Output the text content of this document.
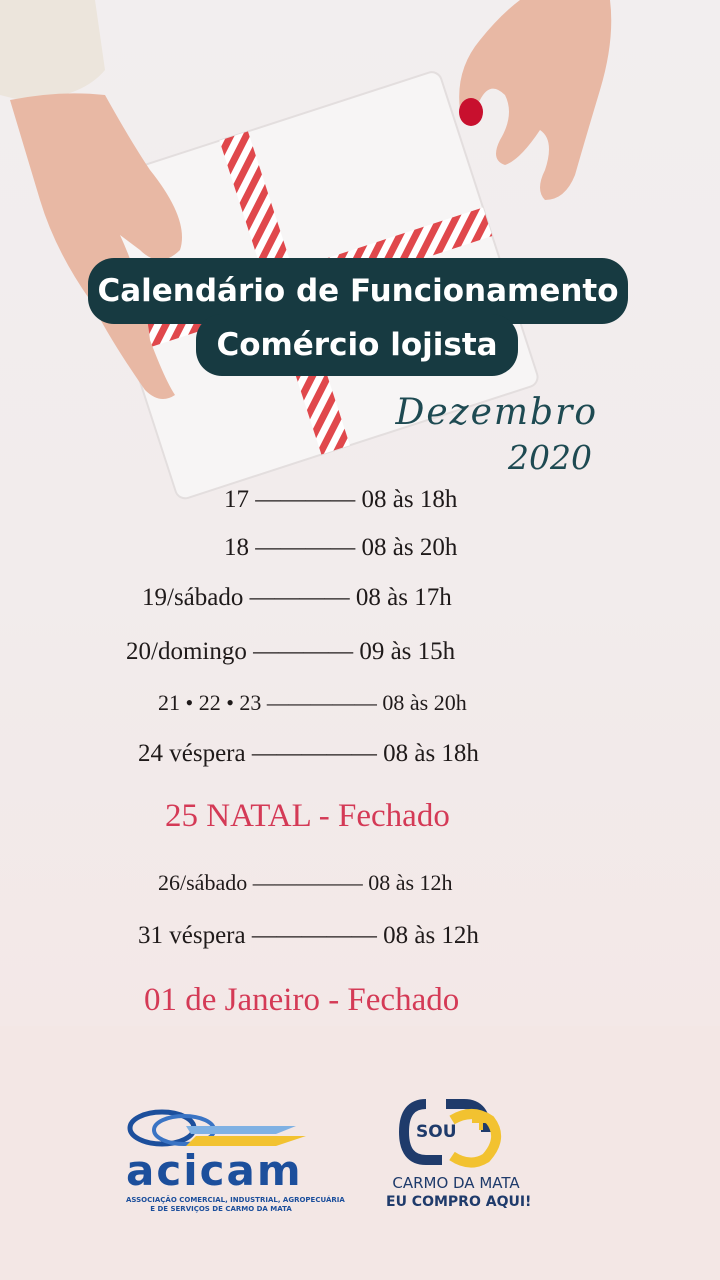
Calendário de Funcionamento
Comércio lojista
Dezembro
2020
17 ———— 08 às 18h
18 ———— 08 às 20h
19/sábado ———— 08 às 17h
20/domingo ———— 09 às 15h
21 • 22 • 23 ————— 08 às 20h
24 véspera ————— 08 às 18h
25 NATAL - Fechado
26/sábado ————— 08 às 12h
31 véspera ————— 08 às 12h
01 de Janeiro - Fechado
acicam
ASSOCIAÇÃO COMERCIAL, INDUSTRIAL, AGROPECUÁRIA
E DE SERVIÇOS DE CARMO DA MATA
SOU
CARMO DA MATA
EU COMPRO AQUI!
